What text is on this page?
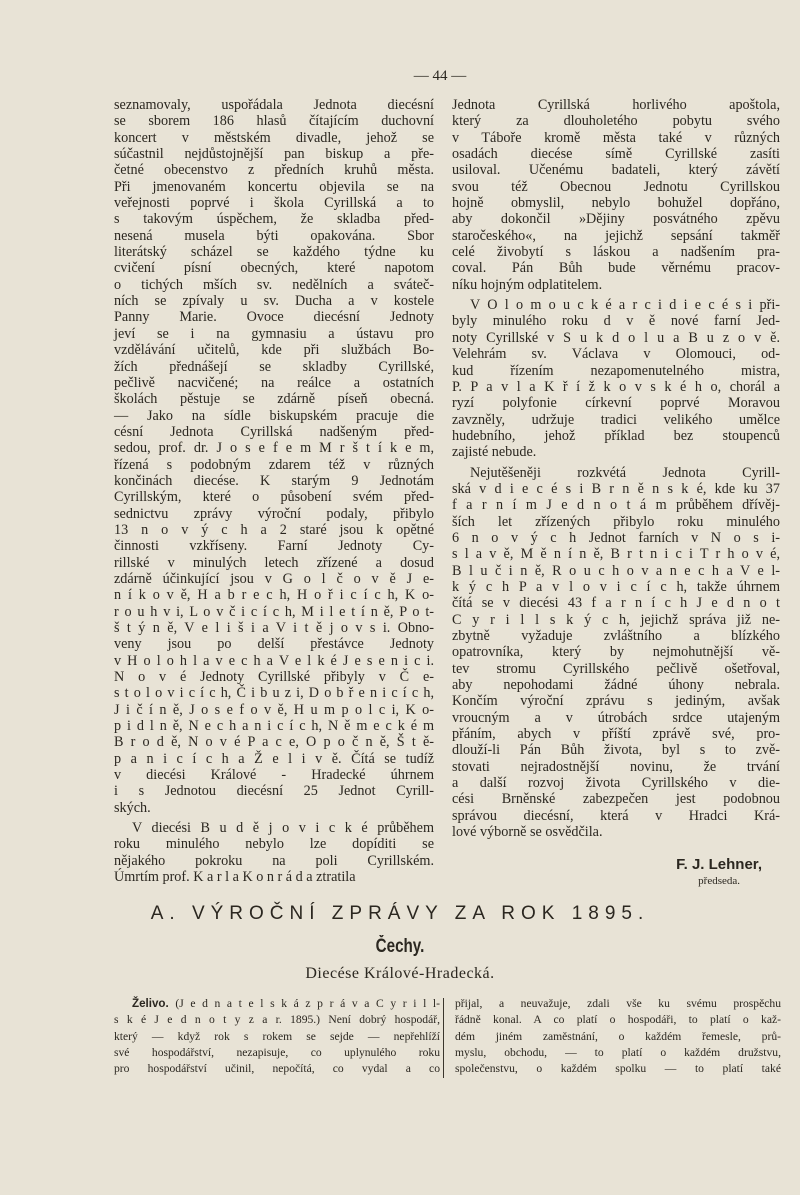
— 44 —
seznamovaly, uspořádala Jednota diecésní
se sborem 186 hlasů čítajícím duchovní
koncert v městském divadle, jehož se
súčastnil nejdůstojnější pan biskup a pře-
četné obecenstvo z předních kruhů města.
Při jmenovaném koncertu objevila se na
veřejnosti poprvé i škola Cyrillská a to
s takovým úspěchem, že skladba před-
nesená musela býti opakována. Sbor
literátský scházel se každého týdne ku
cvičení písní obecných, které napotom
o tichých mších sv. nedělních a sváteč-
ních se zpívaly u sv. Ducha a v kostele
Panny Marie. Ovoce diecésní Jednoty
jeví se i na gymnasiu a ústavu pro
vzdělávání učitelů, kde při službách Bo-
žích přednášejí se skladby Cyrillské,
pečlivě nacvičené; na reálce a ostatních
školách pěstuje se zdárně píseň obecná.
— Jako na sídle biskupském pracuje die
césní Jednota Cyrillská nadšeným před-
sedou, prof. dr. J o s e f e m M r š t í k e m,
řízená s podobným zdarem též v různých
končinách diecése. K starým 9 Jednotám
Cyrillským, které o působení svém před-
sednictvu zprávy výroční podaly, přibylo
13 n o v ý c h a 2 staré jsou k opětné
činnosti vzkříseny. Farní Jednoty Cy-
rillské v minulých letech zřízené a dosud
zdárně účinkující jsou v G o l č o v ě J e-
n í k o v ě, H a b r e c h, H o ř i c í c h, K o-
r o u h v i, L o v č i c í c h, M i l e t í n ě, P o t-
š t ý n ě, V e l i š i a V i t ě j o v s i. Obno-
veny jsou po delší přestávce Jednoty
v H o l o h l a v e c h a V e l k é J e s e n i c i.
N o v é Jednoty Cyrillské přibyly v Č e-
s t o l o v i c í c h, Č i b u z i, D o b ř e n i c í c h,
J i č í n ě, J o s e f o v ě, H u m p o l c i, K o-
p i d l n ě, N e c h a n i c í c h, N ě m e c k é m
B r o d ě, N o v é P a c e, O p o č n ě, Š t ě-
p a n i c í c h a Ž e l i v ě. Čítá se tudíž
v diecési Králové - Hradecké úhrnem
i s Jednotou diecésní 25 Jednot Cyrill-
ských.
V diecési B u d ě j o v i c k é průběhem
roku minulého nebylo lze dopíditi se
nějakého pokroku na poli Cyrillském.
Úmrtím prof. K a r l a K o n r á d a ztratila
Jednota Cyrillská horlivého apoštola,
který za dlouholetého pobytu svého
v Táboře kromě města také v různých
osadách diecése símě Cyrillské zasíti
usiloval. Učenému badateli, který závětí
svou též Obecnou Jednotu Cyrillskou
hojně obmyslil, nebylo bohužel dopřáno,
aby dokončil »Dějiny posvátného zpěvu
staročeského«, na jejichž sepsání takměř
celé živobytí s láskou a nadšením pra-
coval. Pán Bůh bude věrnému pracov-
níku hojným odplatitelem.
V O l o m o u c k é a r c i d i e c é s i při-
byly minulého roku d v ě nové farní Jed-
noty Cyrillské v S u k d o l u a B u z o v ě.
Velehrám sv. Václava v Olomouci, od-
kud řízením nezapomenutelného mistra,
P. P a v l a K ř í ž k o v s k é h o, chorál a
ryzí polyfonie církevní poprvé Moravou
zavzněly, udržuje tradici velikého umělce
hudebního, jehož příklad bez stoupenců
zajisté nebude.
Nejutěšeněji rozkvétá Jednota Cyrill-
ská v d i e c é s i B r n ě n s k é, kde ku 37
f a r n í m J e d n o t á m průběhem dřívěj-
ších let zřízených přibylo roku minulého
6 n o v ý c h Jednot farních v N o s i-
s l a v ě, M ě n í n ě, B r t n i c i T r h o v é,
B l u č i n ě, R o u c h o v a n e c h a V e l-
k ý c h P a v l o v i c í c h, takže úhrnem
čítá se v diecési 43 f a r n í c h J e d n o t
C y r i l l s k ý c h, jejichž správa již ne-
zbytně vyžaduje zvláštního a blízkého
opatrovníka, který by nejmohutnější vě-
tev stromu Cyrillského pečlivě ošetřoval,
aby nepohodami žádné úhony nebrala.
Končím výroční zprávu s jediným, avšak
vroucným a v útrobách srdce utajeným
přáním, abych v příští zprávě své, pro-
dlouží-li Pán Bůh života, byl s to zvě-
stovati nejradostnější novinu, že trvání
a další rozvoj života Cyrillského v die-
cési Brněnské zabezpečen jest podobnou
správou diecésní, která v Hradci Krá-
lové výborně se osvědčila.
F. J. Lehner,
předseda.
A. VÝROČNÍ ZPRÁVY ZA ROK 1895.
Čechy.
Diecése Králové-Hradecká.
Želivo. (J e d n a t e l s k á z p r á v a C y r i l l-
s k é J e d n o t y z a r. 1895.) Není dobrý hospodář,
který — když rok s rokem se sejde — nepřehlíží
své hospodářství, nezapisuje, co uplynulého roku
pro hospodářství učinil, nepočítá, co vydal a co
přijal, a neuvažuje, zdali vše ku svému prospěchu
řádně konal. A co platí o hospodáři, to platí o kaž-
dém jiném zaměstnání, o každém řemesle, prů-
myslu, obchodu, — to platí o každém družstvu,
společenstvu, o každém spolku — to platí také
